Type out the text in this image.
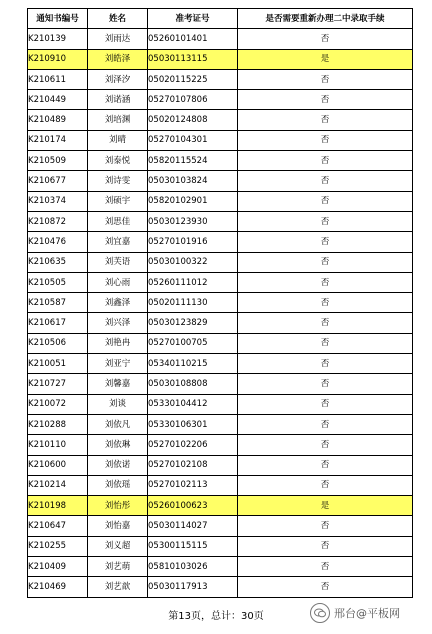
通知书编号	姓名	准考证号	是否需要重新办理二中录取手续
K210139	刘雨达	05260101401	否
K210910	刘皓泽	05030113115	是
K210611	刘泽汐	05020115225	否
K210449	刘诺涵	05270107806	否
K210489	刘培渊	05020124808	否
K210174	刘晴	05270104301	否
K210509	刘泰悦	05820115524	否
K210677	刘诗雯	05030103824	否
K210374	刘硕宇	05820102901	否
K210872	刘思佳	05030123930	否
K210476	刘宜嘉	05270101916	否
K210635	刘芙语	05030100322	否
K210505	刘心雨	05260111012	否
K210587	刘鑫泽	05020111130	否
K210617	刘兴泽	05030123829	否
K210506	刘艳冉	05270100705	否
K210051	刘亚宁	05340110215	否
K210727	刘馨嘉	05030108808	否
K210072	刘谈	05330104412	否
K210288	刘依凡	05330106301	否
K210110	刘依琳	05270102206	否
K210600	刘依诺	05270102108	否
K210214	刘依瑶	05270102113	否
K210198	刘怡彤	05260100623	是
K210647	刘怡嘉	05030114027	否
K210255	刘义超	05300115115	否
K210409	刘艺萌	05810103026	否
K210469	刘艺歆	05030117913	否
第13页，总计：30页	邢台@平板网
